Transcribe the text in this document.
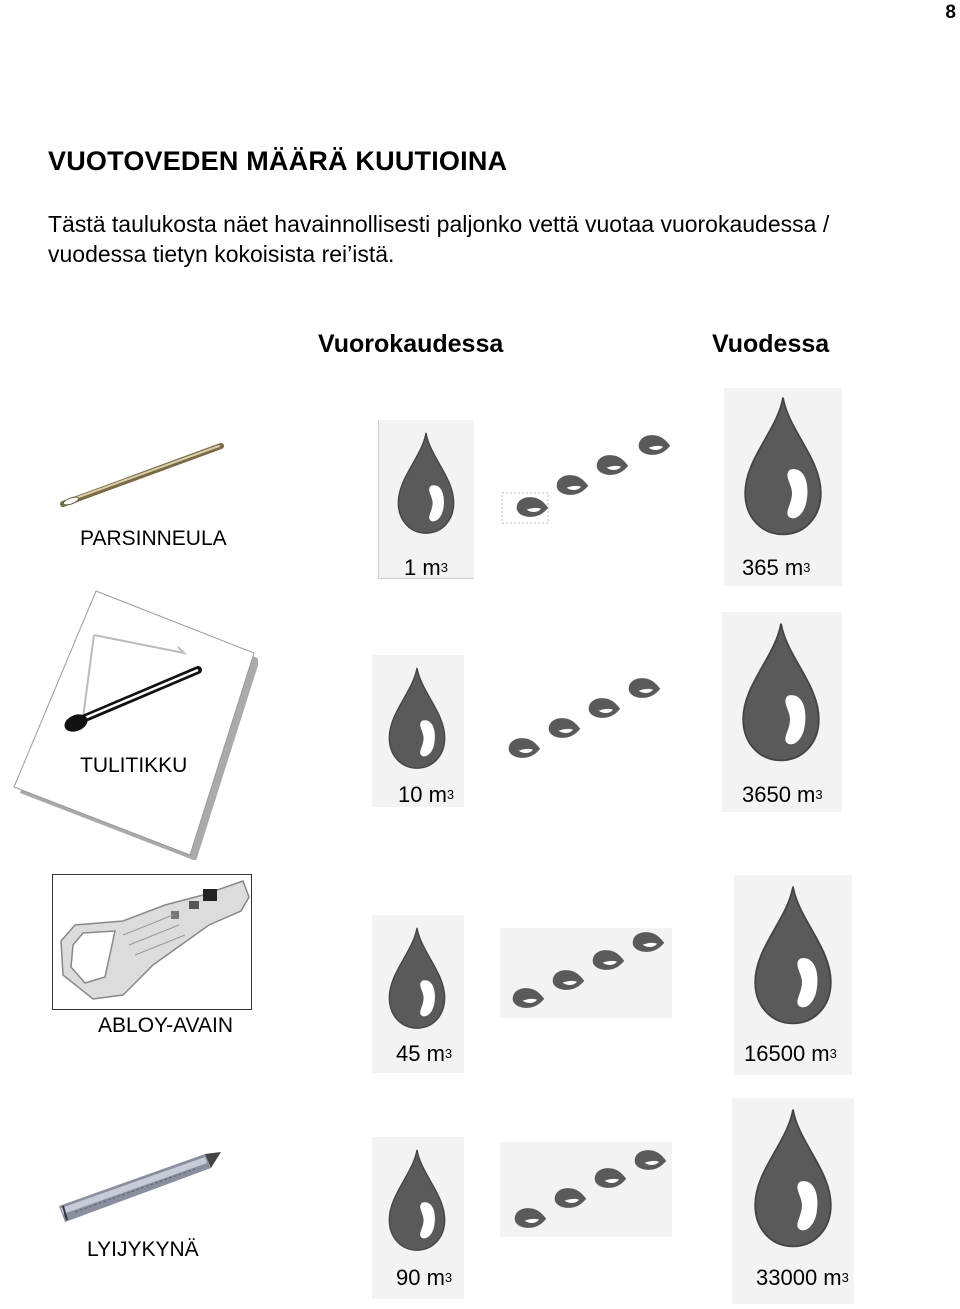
8
VUOTOVEDEN MÄÄRÄ KUUTIOINA
Tästä taulukosta näet havainnollisesti paljonko vettä vuotaa vuorokaudessa /
vuodessa tietyn kokoisista rei’istä.
Vuorokaudessa	Vuodessa
PARSINNEULA
1 $m^3$	365 $m^3$
TULITIKKU
10 $m^3$	3650 $m^3$
ABLOY-AVAIN
45 $m^3$	16500 $m^3$
LYIJYKYNÄ
90 $m^3$	33000 $m^3$
